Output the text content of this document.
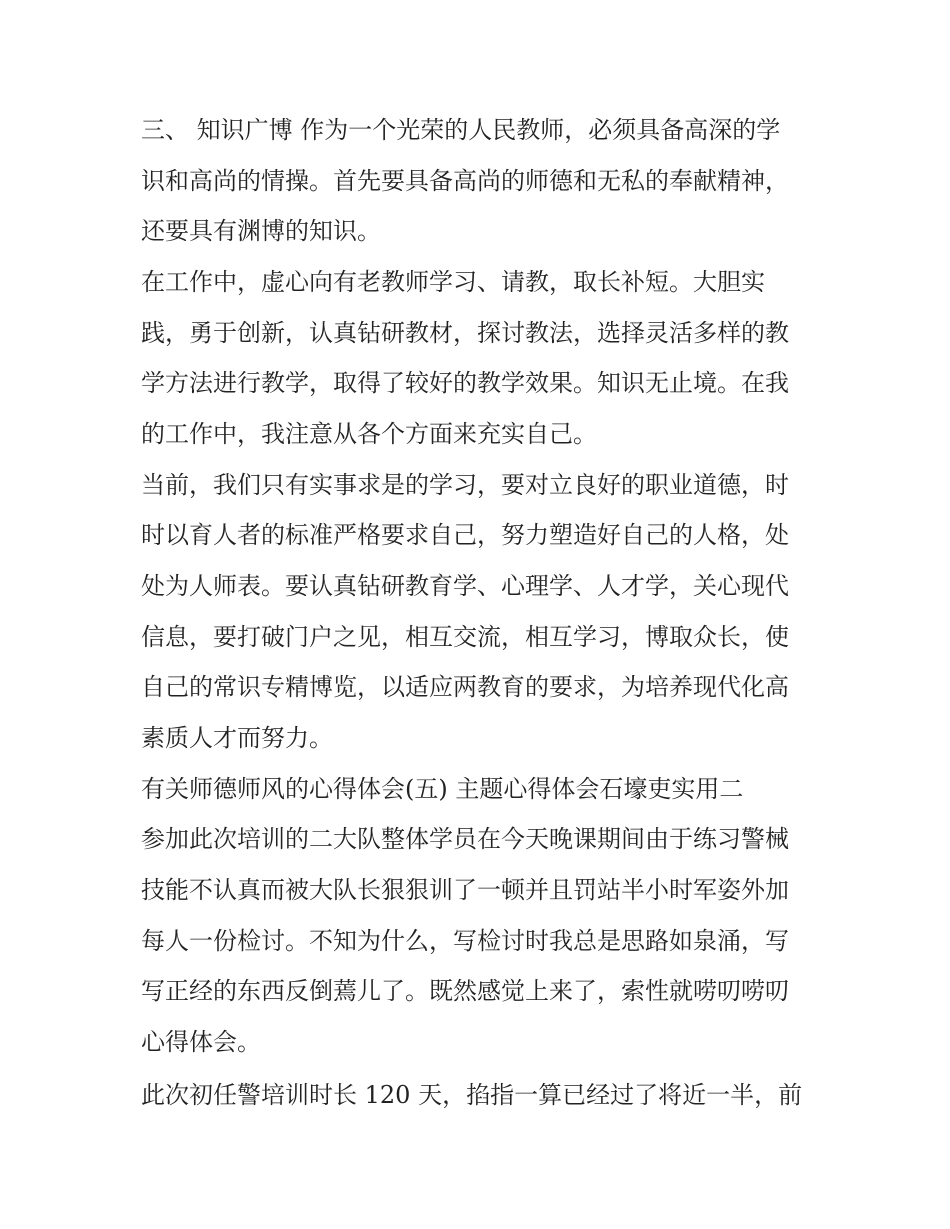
三、 知识广博 作为一个光荣的人民教师，必须具备高深的学

识和高尚的情操。首先要具备高尚的师德和无私的奉献精神，

还要具有渊博的知识。

在工作中，虚心向有老教师学习、请教，取长补短。大胆实

践，勇于创新，认真钻研教材，探讨教法，选择灵活多样的教

学方法进行教学，取得了较好的教学效果。知识无止境。在我

的工作中，我注意从各个方面来充实自己。

当前，我们只有实事求是的学习，要对立良好的职业道德，时

时以育人者的标准严格要求自己，努力塑造好自己的人格，处

处为人师表。要认真钻研教育学、心理学、人才学，关心现代

信息，要打破门户之见，相互交流，相互学习，博取众长，使

自己的常识专精博览，以适应两教育的要求，为培养现代化高

素质人才而努力。

有关师德师风的心得体会(五) 主题心得体会石壕吏实用二

参加此次培训的二大队整体学员在今天晚课期间由于练习警械

技能不认真而被大队长狠狠训了一顿并且罚站半小时军姿外加

每人一份检讨。不知为什么，写检讨时我总是思路如泉涌，写

写正经的东西反倒蔫儿了。既然感觉上来了，索性就唠叨唠叨

心得体会。

此次初任警培训时长 120 天，掐指一算已经过了将近一半，前
